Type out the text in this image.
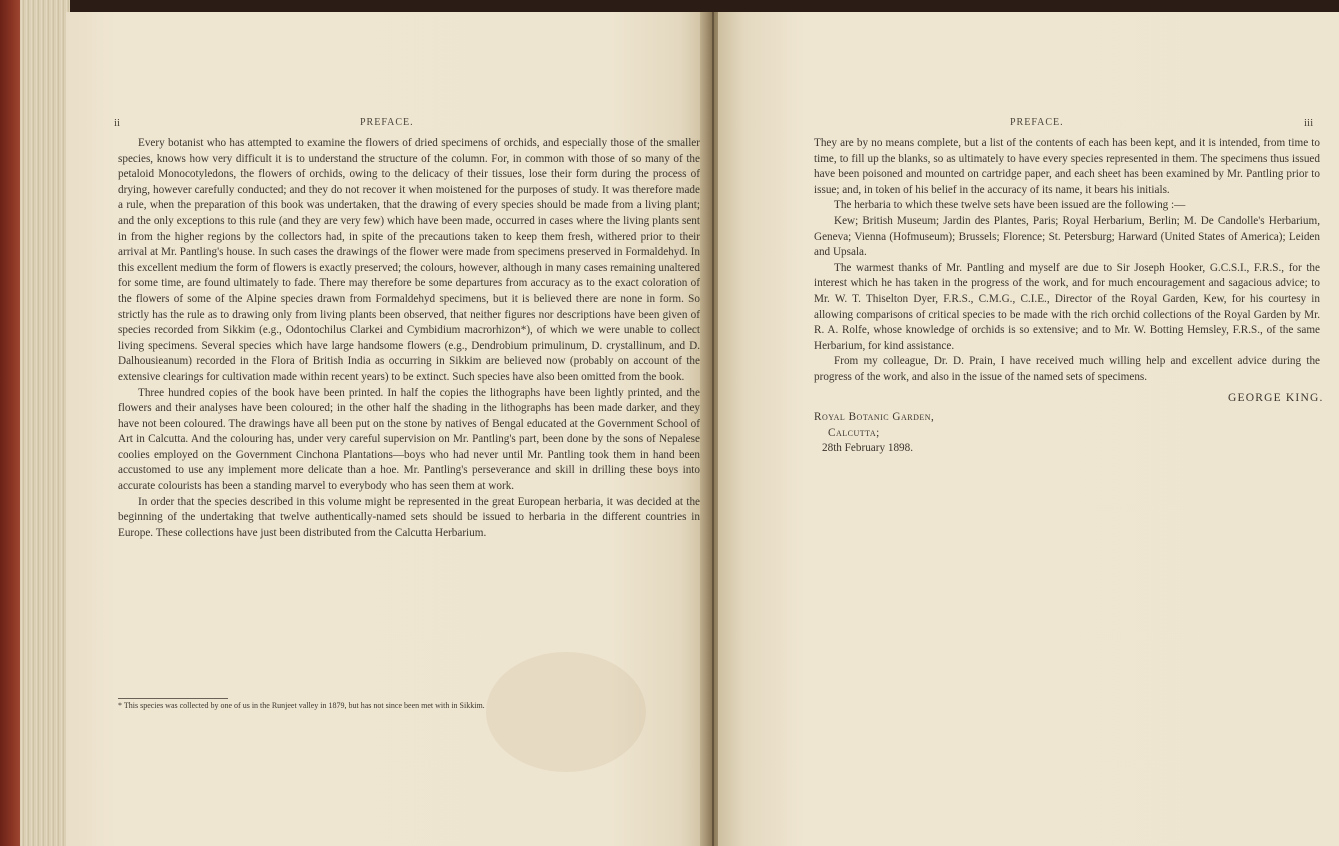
ii	PREFACE.

Every botanist who has attempted to examine the flowers of dried specimens of orchids, and especially those of the smaller species, knows how very difficult it is to understand the structure of the column. For, in common with those of so many of the petaloid Monocotyledons, the flowers of orchids, owing to the delicacy of their tissues, lose their form during the process of drying, however carefully conducted; and they do not recover it when moistened for the purposes of study. It was therefore made a rule, when the preparation of this book was undertaken, that the drawing of every species should be made from a living plant; and the only exceptions to this rule (and they are very few) which have been made, occurred in cases where the living plants sent in from the higher regions by the collectors had, in spite of the precautions taken to keep them fresh, withered prior to their arrival at Mr. Pantling's house. In such cases the drawings of the flower were made from specimens preserved in Formaldehyd. In this excellent medium the form of flowers is exactly preserved; the colours, however, although in many cases remaining unaltered for some time, are found ultimately to fade. There may therefore be some departures from accuracy as to the exact coloration of the flowers of some of the Alpine species drawn from Formaldehyd specimens, but it is believed there are none in form. So strictly has the rule as to drawing only from living plants been observed, that neither figures nor descriptions have been given of species recorded from Sikkim (e.g., Odontochilus Clarkei and Cymbidium macrorhizon*), of which we were unable to collect living specimens. Several species which have large handsome flowers (e.g., Dendrobium primulinum, D. crystallinum, and D. Dalhousieanum) recorded in the Flora of British India as occurring in Sikkim are believed now (probably on account of the extensive clearings for cultivation made within recent years) to be extinct. Such species have also been omitted from the book.

Three hundred copies of the book have been printed. In half the copies the lithographs have been lightly printed, and the flowers and their analyses have been coloured; in the other half the shading in the lithographs has been made darker, and they have not been coloured. The drawings have all been put on the stone by natives of Bengal educated at the Government School of Art in Calcutta. And the colouring has, under very careful supervision on Mr. Pantling's part, been done by the sons of Nepalese coolies employed on the Government Cinchona Plantations—boys who had never until Mr. Pantling took them in hand been accustomed to use any implement more delicate than a hoe. Mr. Pantling's perseverance and skill in drilling these boys into accurate colourists has been a standing marvel to everybody who has seen them at work.

In order that the species described in this volume might be represented in the great European herbaria, it was decided at the beginning of the undertaking that twelve authentically-named sets should be issued to herbaria in the different countries in Europe. These collections have just been distributed from the Calcutta Herbarium.

* This species was collected by one of us in the Runjeet valley in 1879, but has not since been met with in Sikkim.
PREFACE.	iii

They are by no means complete, but a list of the contents of each has been kept, and it is intended, from time to time, to fill up the blanks, so as ultimately to have every species represented in them. The specimens thus issued have been poisoned and mounted on cartridge paper, and each sheet has been examined by Mr. Pantling prior to issue; and, in token of his belief in the accuracy of its name, it bears his initials.

The herbaria to which these twelve sets have been issued are the following :—

Kew; British Museum; Jardin des Plantes, Paris; Royal Herbarium, Berlin; M. De Candolle's Herbarium, Geneva; Vienna (Hofmuseum); Brussels; Florence; St. Petersburg; Harward (United States of America); Leiden and Upsala.

The warmest thanks of Mr. Pantling and myself are due to Sir Joseph Hooker, G.C.S.I., F.R.S., for the interest which he has taken in the progress of the work, and for much encouragement and sagacious advice; to Mr. W. T. Thiselton Dyer, F.R.S., C.M.G., C.I.E., Director of the Royal Garden, Kew, for his courtesy in allowing comparisons of critical species to be made with the rich orchid collections of the Royal Garden by Mr. R. A. Rolfe, whose knowledge of orchids is so extensive; and to Mr. W. Botting Hemsley, F.R.S., of the same Herbarium, for kind assistance.

From my colleague, Dr. D. Prain, I have received much willing help and excellent advice during the progress of the work, and also in the issue of the named sets of specimens.

GEORGE KING.
Royal Botanic Garden,
Calcutta;
28th February 1898.
